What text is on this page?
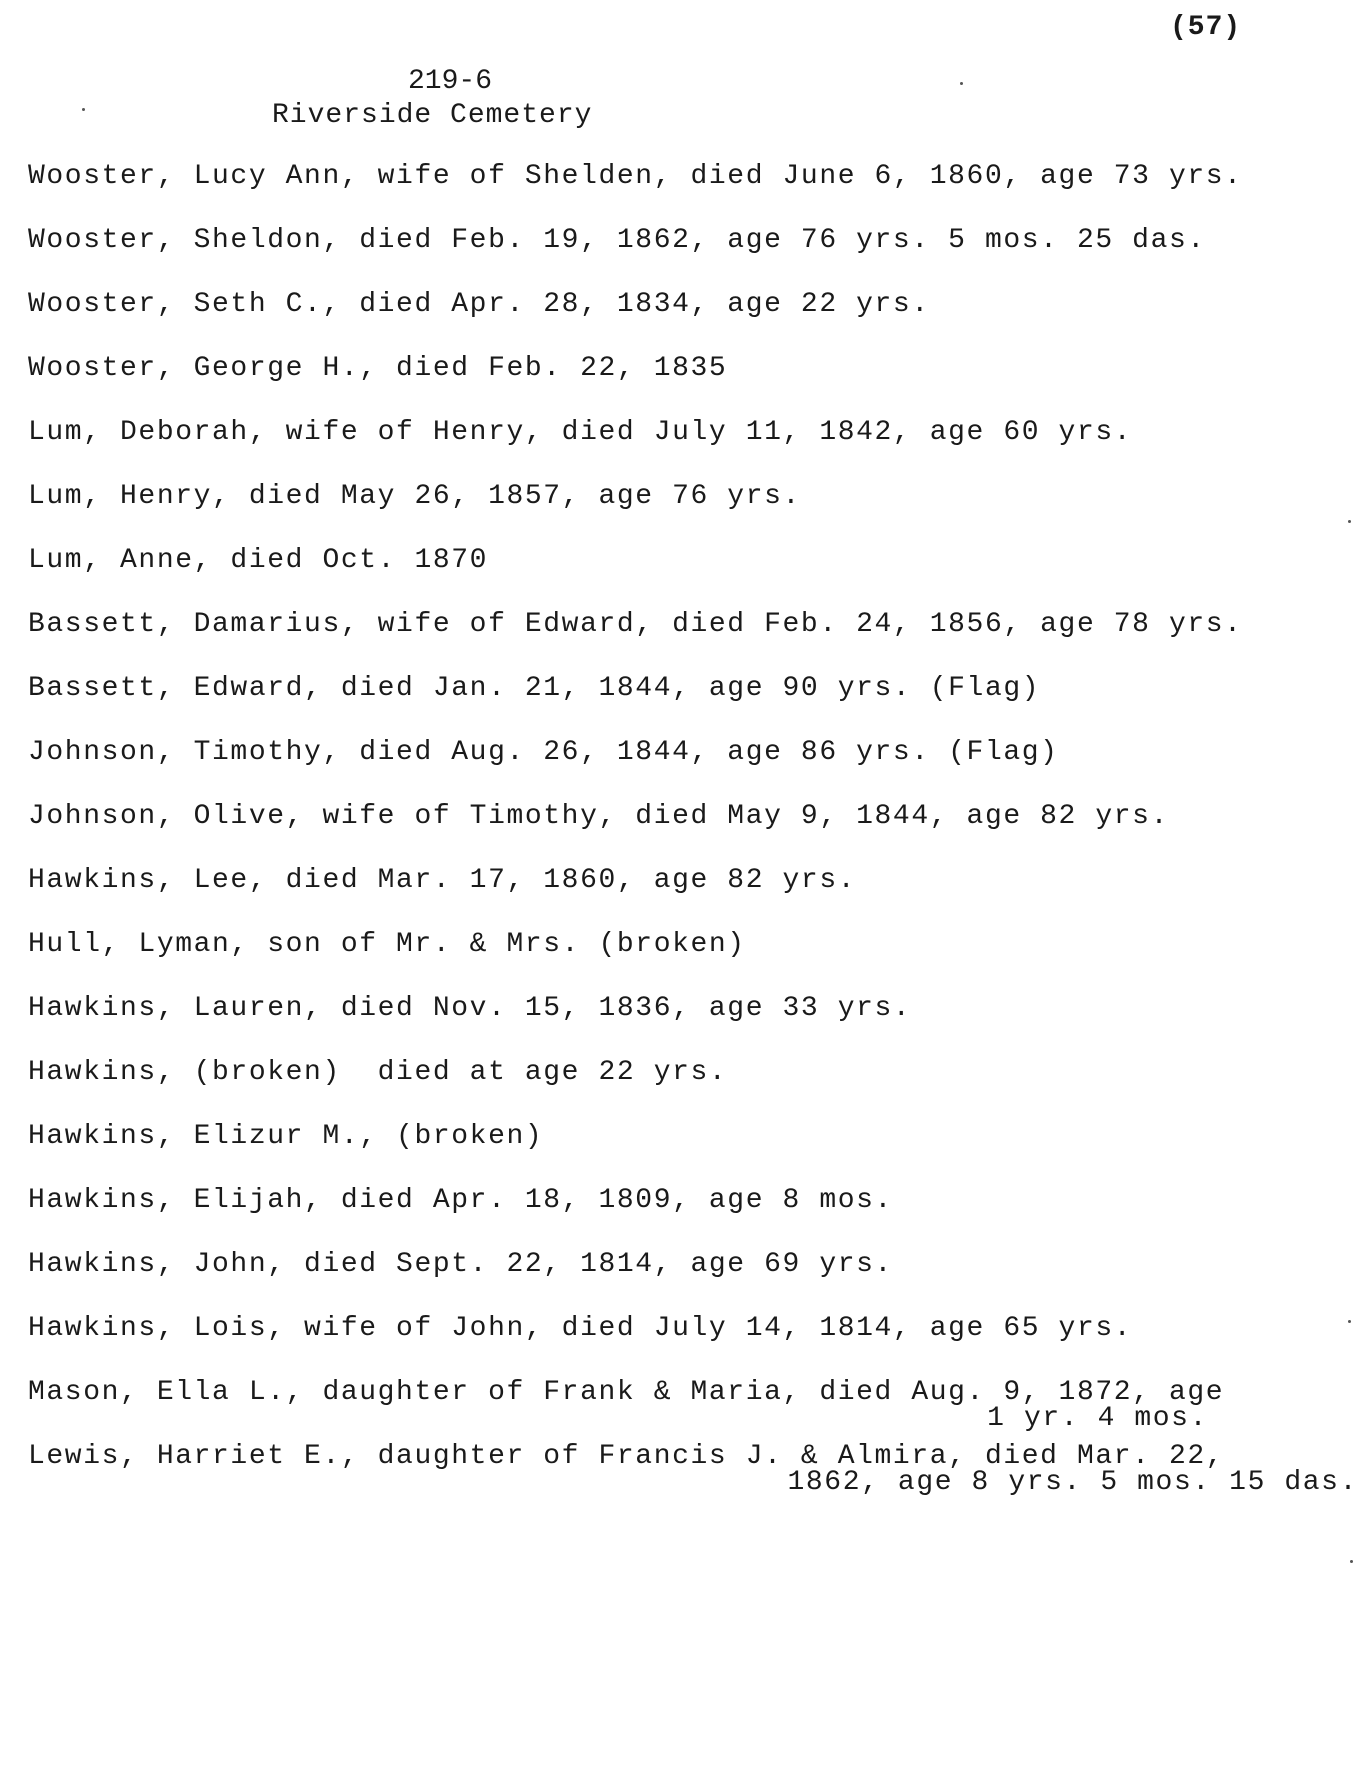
(57)
219-6
Riverside Cemetery
Wooster, Lucy Ann, wife of Shelden, died June 6, 1860, age 73 yrs.
Wooster, Sheldon, died Feb. 19, 1862, age 76 yrs. 5 mos. 25 das.
Wooster, Seth C., died Apr. 28, 1834, age 22 yrs.
Wooster, George H., died Feb. 22, 1835
Lum, Deborah, wife of Henry, died July 11, 1842, age 60 yrs.
Lum, Henry, died May 26, 1857, age 76 yrs.
Lum, Anne, died Oct. 1870
Bassett, Damarius, wife of Edward, died Feb. 24, 1856, age 78 yrs.
Bassett, Edward, died Jan. 21, 1844, age 90 yrs. (Flag)
Johnson, Timothy, died Aug. 26, 1844, age 86 yrs. (Flag)
Johnson, Olive, wife of Timothy, died May 9, 1844, age 82 yrs.
Hawkins, Lee, died Mar. 17, 1860, age 82 yrs.
Hull, Lyman, son of Mr. & Mrs. (broken)
Hawkins, Lauren, died Nov. 15, 1836, age 33 yrs.
Hawkins, (broken)  died at age 22 yrs.
Hawkins, Elizur M., (broken)
Hawkins, Elijah, died Apr. 18, 1809, age 8 mos.
Hawkins, John, died Sept. 22, 1814, age 69 yrs.
Hawkins, Lois, wife of John, died July 14, 1814, age 65 yrs.
Mason, Ella L., daughter of Frank & Maria, died Aug. 9, 1872, age
1 yr. 4 mos.
Lewis, Harriet E., daughter of Francis J. & Almira, died Mar. 22,
1862, age 8 yrs. 5 mos. 15 das.
